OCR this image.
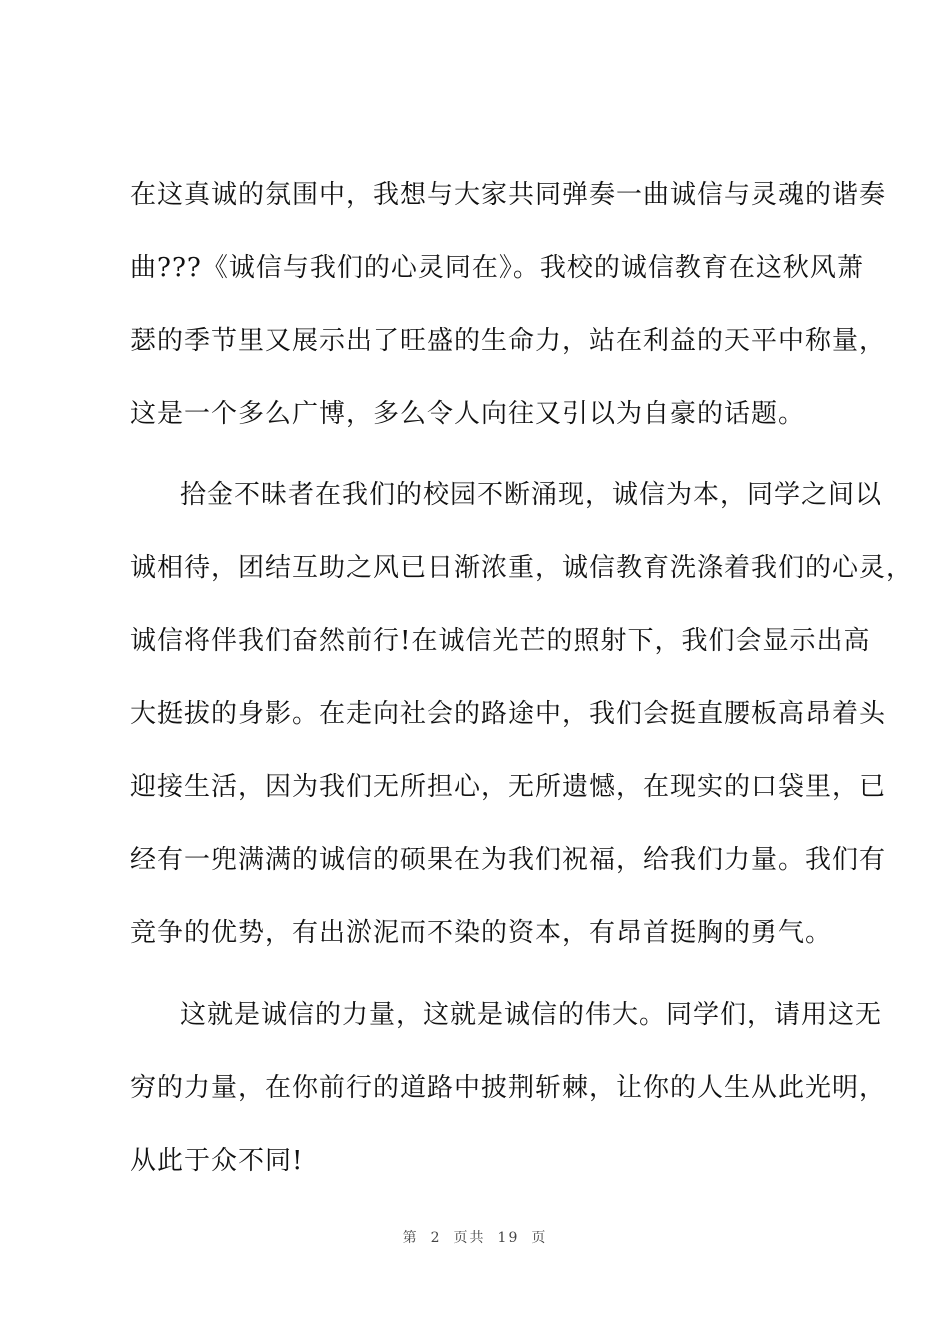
在这真诚的氛围中，我想与大家共同弹奏一曲诚信与灵魂的谐奏
曲???《诚信与我们的心灵同在》。我校的诚信教育在这秋风萧
瑟的季节里又展示出了旺盛的生命力，站在利益的天平中称量，
这是一个多么广博，多么令人向往又引以为自豪的话题。
拾金不昧者在我们的校园不断涌现，诚信为本，同学之间以
诚相待，团结互助之风已日渐浓重，诚信教育洗涤着我们的心灵，
诚信将伴我们奋然前行!在诚信光芒的照射下，我们会显示出高
大挺拔的身影。在走向社会的路途中，我们会挺直腰板高昂着头
迎接生活，因为我们无所担心，无所遗憾，在现实的口袋里，已
经有一兜满满的诚信的硕果在为我们祝福，给我们力量。我们有
竞争的优势，有出淤泥而不染的资本，有昂首挺胸的勇气。
这就是诚信的力量，这就是诚信的伟大。同学们，请用这无
穷的力量，在你前行的道路中披荆斩棘，让你的人生从此光明，
从此于众不同!
第 2 页共 19 页
